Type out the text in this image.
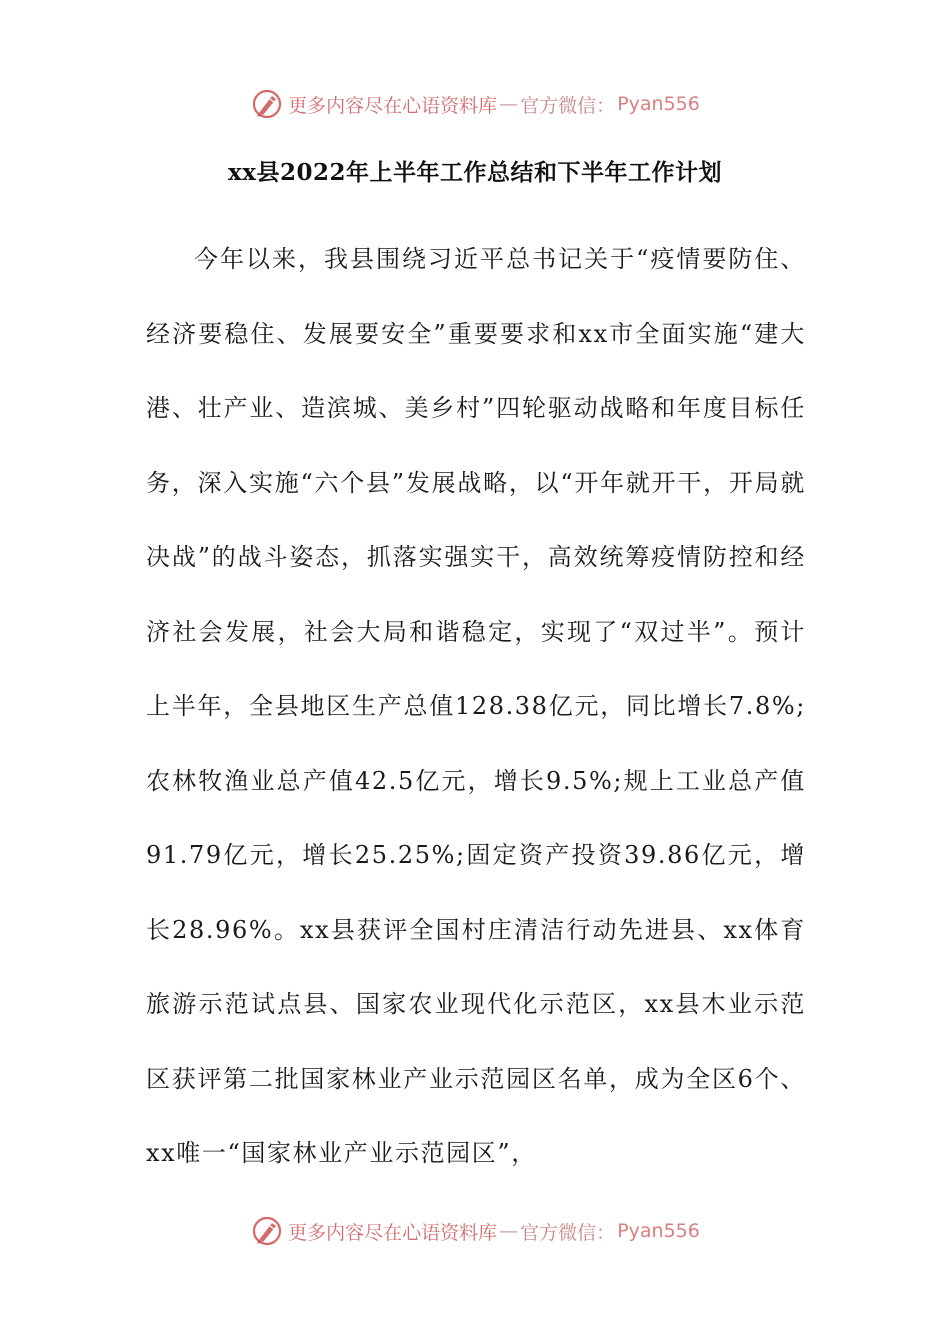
更多内容尽在心语资料库 — 官方微信： Pyan556
xx县2022年上半年工作总结和下半年工作计划

今年以来，我县围绕习近平总书记关于“疫情要防住、经济要稳住、发展要安全”重要要求和xx市全面实施“建大港、壮产业、造滨城、美乡村”四轮驱动战略和年度目标任务，深入实施“六个县”发展战略，以“开年就开干，开局就决战”的战斗姿态，抓落实强实干，高效统筹疫情防控和经济社会发展，社会大局和谐稳定，实现了“双过半”。预计上半年，全县地区生产总值128.38亿元，同比增长7.8%;农林牧渔业总产值42.5亿元，增长9.5%;规上工业总产值91.79亿元，增长25.25%;固定资产投资39.86亿元，增长28.96%。xx县获评全国村庄清洁行动先进县、xx体育旅游示范试点县、国家农业现代化示范区，xx县木业示范区获评第二批国家林业产业示范园区名单，成为全区6个、xx唯一“国家林业产业示范园区”，

更多内容尽在心语资料库 — 官方微信： Pyan556
